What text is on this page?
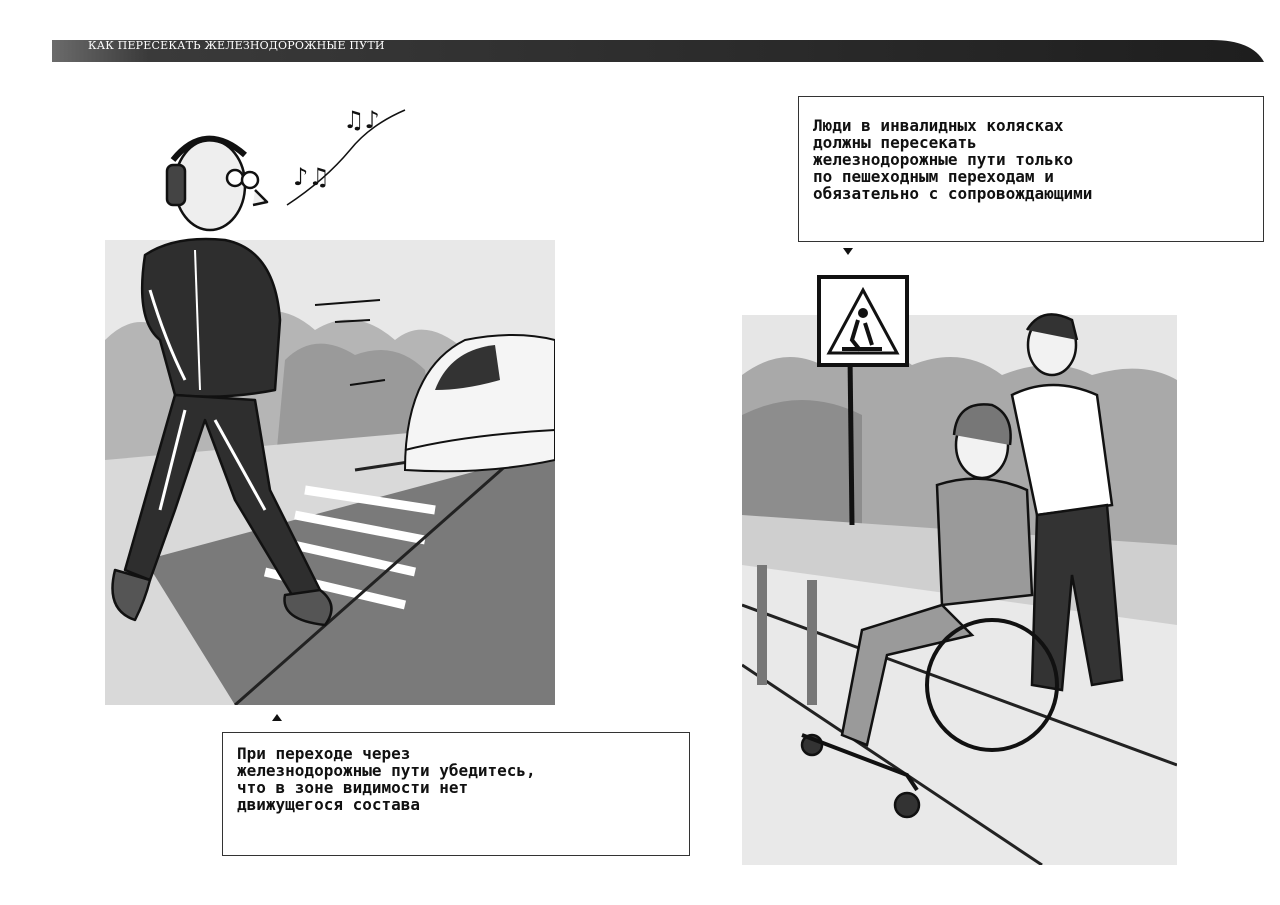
КАК ПЕРЕСЕКАТЬ ЖЕЛЕЗНОДОРОЖНЫЕ ПУТИ
♪♫
♫♪
При переходе через
железнодорожные пути убедитесь,
что в зоне видимости нет
движущегося состава
Люди в инвалидных колясках
должны пересекать
железнодорожные пути только
по пешеходным переходам и
обязательно с сопровождающими
